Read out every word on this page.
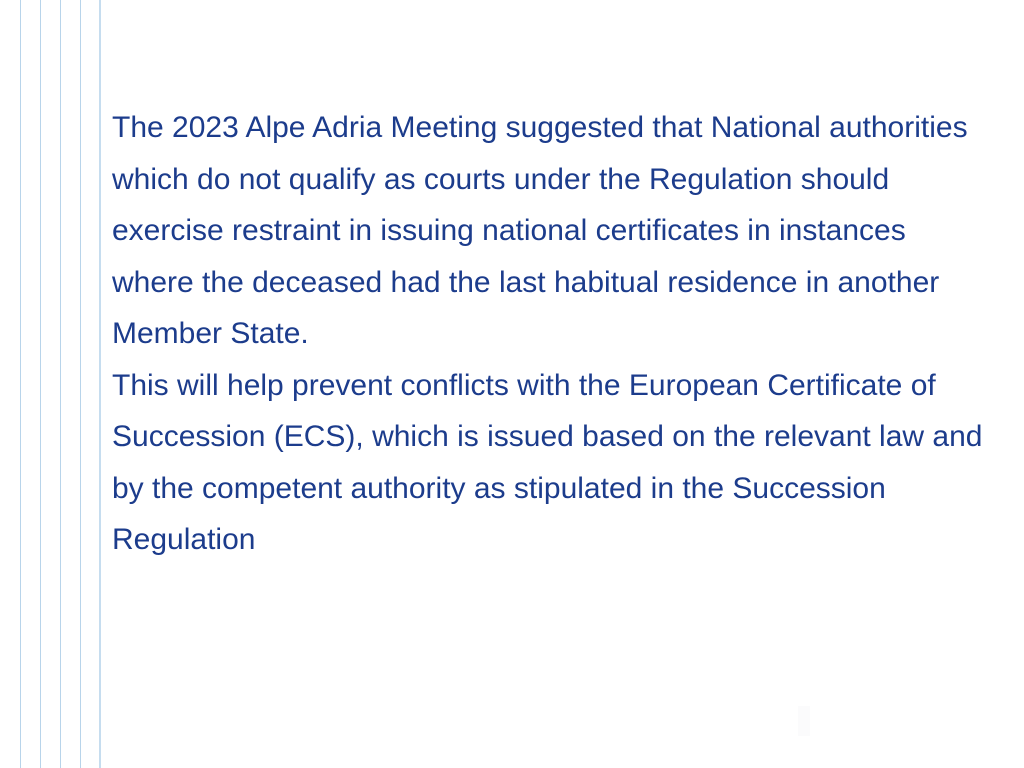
The 2023 Alpe Adria Meeting suggested that National authorities which do not qualify as courts under the Regulation should exercise restraint in issuing national certificates in instances where the deceased had the last habitual residence in another Member State.

This will help prevent conflicts with the European Certificate of Succession (ECS), which is issued based on the relevant law and by the competent authority as stipulated in the Succession Regulation
